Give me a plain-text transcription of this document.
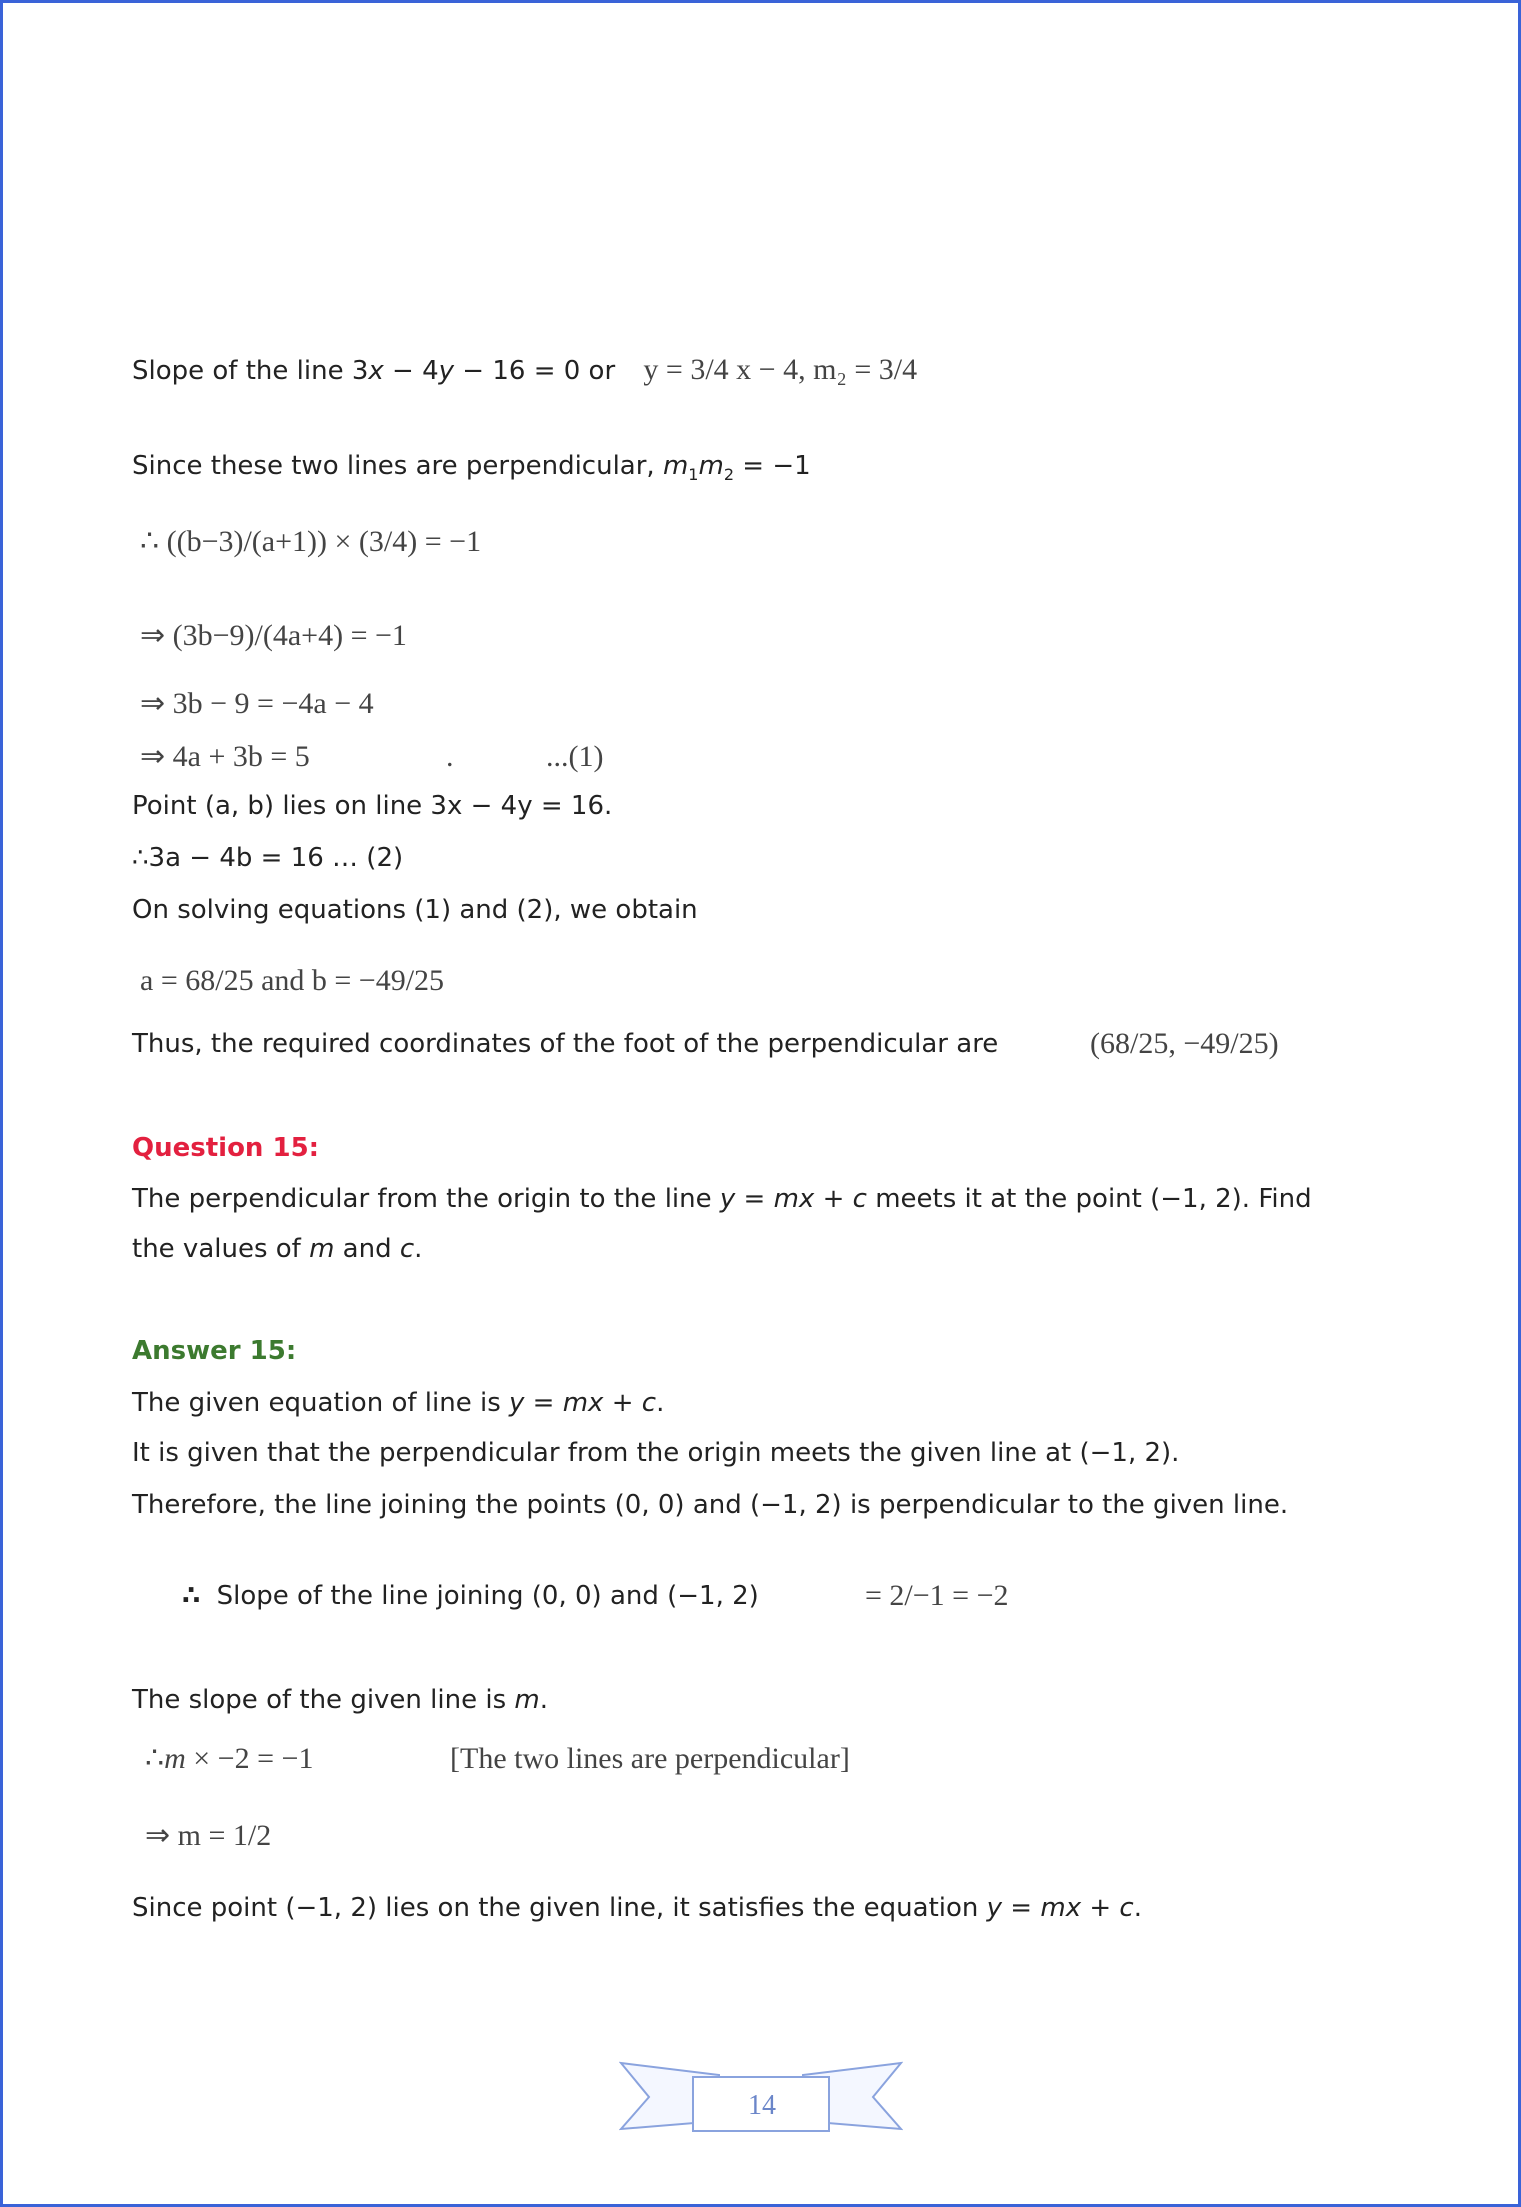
Slope of the line 3x − 4y − 16 = 0 or y = 3/4 x − 4, m₂ = 3/4
Since these two lines are perpendicular, $m_1m_2 = -1$
∴ ((b−3)/(a+1)) × (3/4) = −1
⇒ (3b−9)/(4a+4) = −1
⇒ 3b − 9 = −4a − 4
⇒ 4a + 3b = 5	.	...(1)
Point (a, b) lies on line 3x − 4y = 16.
∴3a − 4b = 16 … (2)
On solving equations (1) and (2), we obtain
a = 68/25 and b = −49/25
Thus, the required coordinates of the foot of the perpendicular are	(68/25, −49/25)
Question 15:
The perpendicular from the origin to the line y = mx + c meets it at the point (−1, 2). Find
the values of m and c.
Answer 15:
The given equation of line is y = mx + c.
It is given that the perpendicular from the origin meets the given line at (−1, 2).
Therefore, the line joining the points (0, 0) and (−1, 2) is perpendicular to the given line.
∴ Slope of the line joining (0, 0) and (−1, 2)	= 2/−1 = −2
The slope of the given line is m.
∴ m × −2 = −1	[The two lines are perpendicular]
⇒ m = 1/2
Since point (−1, 2) lies on the given line, it satisfies the equation y = mx + c.
14
